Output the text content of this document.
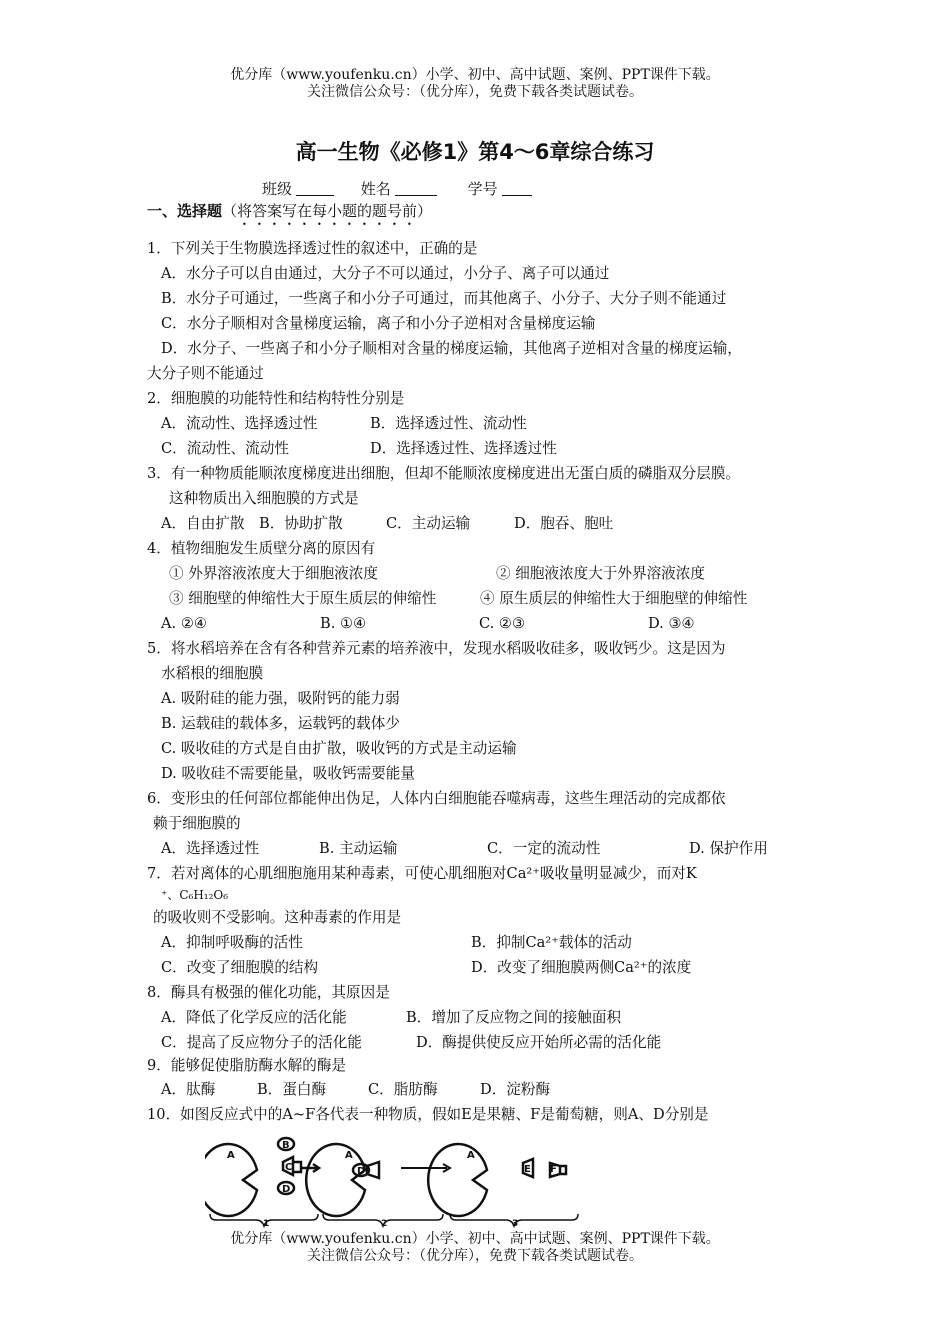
优分库（www.youfenku.cn）小学、初中、高中试题、案例、PPT课件下载。
关注微信公众号：（优分库），免费下载各类试题试卷。
高一生物《必修1》第4～6章综合练习
班级	姓名	学号
一、选择题（将答案写在每小题的题号前）
1．下列关于生物膜选择透过性的叙述中，正确的是
A．水分子可以自由通过，大分子不可以通过，小分子、离子可以通过
B．水分子可通过，一些离子和小分子可通过，而其他离子、小分子、大分子则不能通过
C．水分子顺相对含量梯度运输，离子和小分子逆相对含量梯度运输
D．水分子、一些离子和小分子顺相对含量的梯度运输，其他离子逆相对含量的梯度运输，
大分子则不能通过
2．细胞膜的功能特性和结构特性分别是
A．流动性、选择透过性	B．选择透过性、流动性
C．流动性、流动性	D．选择透过性、选择透过性
3．有一种物质能顺浓度梯度进出细胞，但却不能顺浓度梯度进出无蛋白质的磷脂双分层膜。
这种物质出入细胞膜的方式是
A．自由扩散 B．协助扩散	C．主动运输	D．胞吞、胞吐
4．植物细胞发生质壁分离的原因有
① 外界溶液浓度大于细胞液浓度	② 细胞液浓度大于外界溶液浓度
③ 细胞壁的伸缩性大于原生质层的伸缩性	④ 原生质层的伸缩性大于细胞壁的伸缩性
A. ②④	B. ①④	C. ②③	D. ③④
5．将水稻培养在含有各种营养元素的培养液中，发现水稻吸收硅多，吸收钙少。这是因为
水稻根的细胞膜
A. 吸附硅的能力强，吸附钙的能力弱
B. 运载硅的载体多，运载钙的载体少
C. 吸收硅的方式是自由扩散，吸收钙的方式是主动运输
D. 吸收硅不需要能量，吸收钙需要能量
6．变形虫的任何部位都能伸出伪足，人体内白细胞能吞噬病毒，这些生理活动的完成都依
赖于细胞膜的
A．选择透过性	B. 主动运输	C．一定的流动性	D. 保护作用
7．若对离体的心肌细胞施用某种毒素，可使心肌细胞对Ca²⁺吸收量明显减少，而对K
⁺、C₆H₁₂O₆
的吸收则不受影响。这种毒素的作用是
A．抑制呼吸酶的活性	B．抑制Ca²⁺载体的活动
C．改变了细胞膜的结构	D．改变了细胞膜两侧Ca²⁺的浓度
8．酶具有极强的催化功能，其原因是
A．降低了化学反应的活化能	B．增加了反应物之间的接触面积
C．提高了反应物分子的活化能	D．酶提供使反应开始所必需的活化能
9．能够促使脂肪酶水解的酶是
A．肽酶	B．蛋白酶	C．脂肪酶	D．淀粉酶
10．如图反应式中的A~F各代表一种物质，假如E是果糖、F是葡萄糖，则A、D分别是
A
B
C
D
A
D
A
E F
1	2	3
优分库（www.youfenku.cn）小学、初中、高中试题、案例、PPT课件下载。
关注微信公众号：（优分库），免费下载各类试题试卷。
